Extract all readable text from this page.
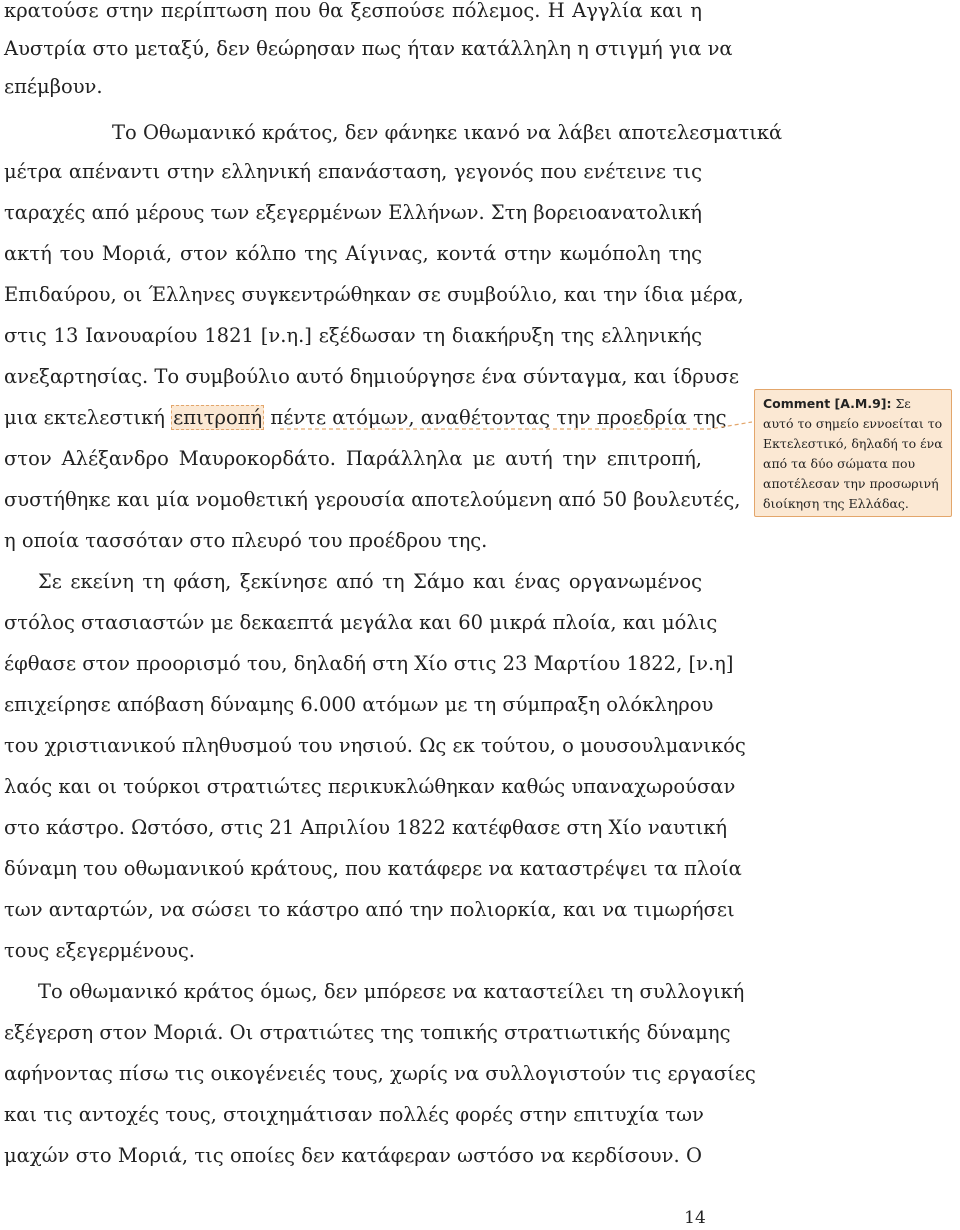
κρατούσε στην περίπτωση που θα ξεσπούσε πόλεμος. Η Αγγλία και η
Αυστρία στο μεταξύ, δεν θεώρησαν πως ήταν κατάλληλη η στιγμή για να
επέμβουν.
Το Οθωμανικό κράτος, δεν φάνηκε ικανό να λάβει αποτελεσματικά
μέτρα απέναντι στην ελληνική επανάσταση, γεγονός που ενέτεινε τις
ταραχές από μέρους των εξεγερμένων Ελλήνων. Στη βορειοανατολική
ακτή του Μοριά, στον κόλπο της Αίγινας, κοντά στην κωμόπολη της
Επιδαύρου, οι Έλληνες συγκεντρώθηκαν σε συμβούλιο, και την ίδια μέρα,
στις 13 Ιανουαρίου 1821 [ν.η.] εξέδωσαν τη διακήρυξη της ελληνικής
ανεξαρτησίας. Το συμβούλιο αυτό δημιούργησε ένα σύνταγμα, και ίδρυσε
μια εκτελεστική επιτροπή πέντε ατόμων, αναθέτοντας την προεδρία της
στον Αλέξανδρο Μαυροκορδάτο. Παράλληλα με αυτή την επιτροπή,
συστήθηκε και μία νομοθετική γερουσία αποτελούμενη από 50 βουλευτές,
η οποία τασσόταν στο πλευρό του προέδρου της.
Σε εκείνη τη φάση, ξεκίνησε από τη Σάμο και ένας οργανωμένος
στόλος στασιαστών με δεκαεπτά μεγάλα και 60 μικρά πλοία, και μόλις
έφθασε στον προορισμό του, δηλαδή στη Χίο στις 23 Μαρτίου 1822, [ν.η]
επιχείρησε απόβαση δύναμης 6.000 ατόμων με τη σύμπραξη ολόκληρου
του χριστιανικού πληθυσμού του νησιού. Ως εκ τούτου, ο μουσουλμανικός
λαός και οι τούρκοι στρατιώτες περικυκλώθηκαν καθώς υπαναχωρούσαν
στο κάστρο. Ωστόσο, στις 21 Απριλίου 1822 κατέφθασε στη Χίο ναυτική
δύναμη του οθωμανικού κράτους, που κατάφερε να καταστρέψει τα πλοία
των ανταρτών, να σώσει το κάστρο από την πολιορκία, και να τιμωρήσει
τους εξεγερμένους.
Το οθωμανικό κράτος όμως, δεν μπόρεσε να καταστείλει τη συλλογική
εξέγερση στον Μοριά. Οι στρατιώτες της τοπικής στρατιωτικής δύναμης
αφήνοντας πίσω τις οικογένειές τους, χωρίς να συλλογιστούν τις εργασίες
και τις αντοχές τους, στοιχημάτισαν πολλές φορές στην επιτυχία των
μαχών στο Μοριά, τις οποίες δεν κατάφεραν ωστόσο να κερδίσουν. Ο
Comment [A.M.9]: Σε αυτό το σημείο εννοείται το Εκτελεστικό, δηλαδή το ένα από τα δύο σώματα που αποτέλεσαν την προσωρινή διοίκηση της Ελλάδας.
14
